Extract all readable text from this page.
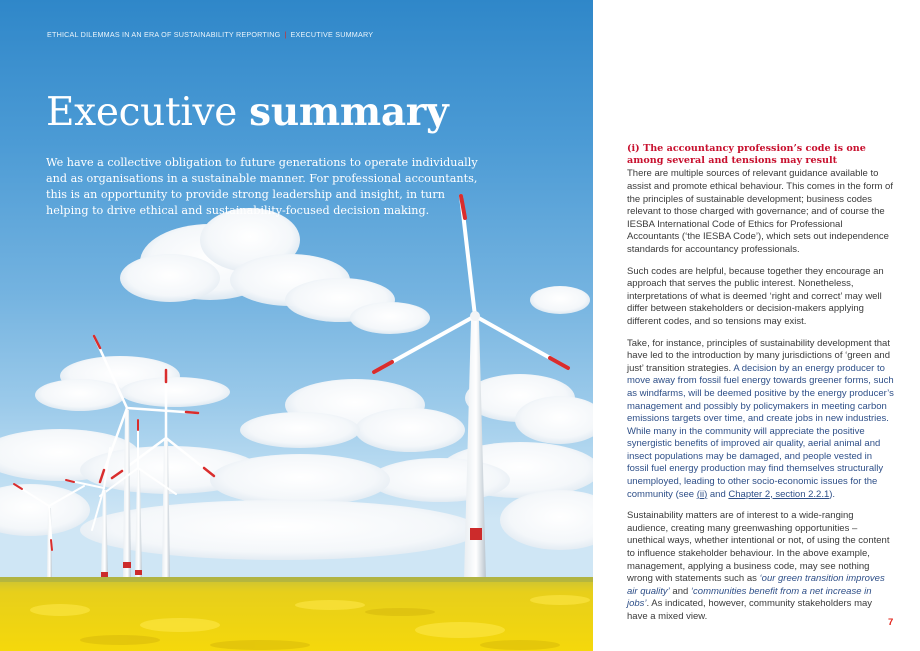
ETHICAL DILEMMAS IN AN ERA OF SUSTAINABILITY REPORTING | EXECUTIVE SUMMARY
Executive summary

We have a collective obligation to future generations to operate individually and as organisations in a sustainable manner. For professional accountants, this is an opportunity to provide strong leadership and insight, in turn helping to drive ethical and sustainability-focused decision making.

(i) The accountancy profession’s code is one among several and tensions may result

There are multiple sources of relevant guidance available to assist and promote ethical behaviour. This comes in the form of the principles of sustainable development; business codes relevant to those charged with governance; and of course the IESBA International Code of Ethics for Professional Accountants (‘the IESBA Code’), which sets out independence standards for accountancy professionals.

Such codes are helpful, because together they encourage an approach that serves the public interest. Nonetheless, interpretations of what is deemed ‘right and correct’ may well differ between stakeholders or decision-makers applying different codes, and so tensions may exist.

Take, for instance, principles of sustainability development that have led to the introduction by many jurisdictions of ‘green and just’ transition strategies. A decision by an energy producer to move away from fossil fuel energy towards greener forms, such as windfarms, will be deemed positive by the energy producer’s management and possibly by policymakers in meeting carbon emissions targets over time, and create jobs in new industries. While many in the community will appreciate the positive synergistic benefits of improved air quality, aerial animal and insect populations may be damaged, and people vested in fossil fuel energy production may find themselves structurally unemployed, leading to other socio-economic issues for the community (see (ii) and Chapter 2, section 2.2.1).

Sustainability matters are of interest to a wide-ranging audience, creating many greenwashing opportunities – unethical ways, whether intentional or not, of using the content to influence stakeholder behaviour. In the above example, management, applying a business code, may see nothing wrong with statements such as ‘our green transition improves air quality’ and ‘communities benefit from a net increase in jobs’. As indicated, however, community stakeholders may have a mixed view.

7
